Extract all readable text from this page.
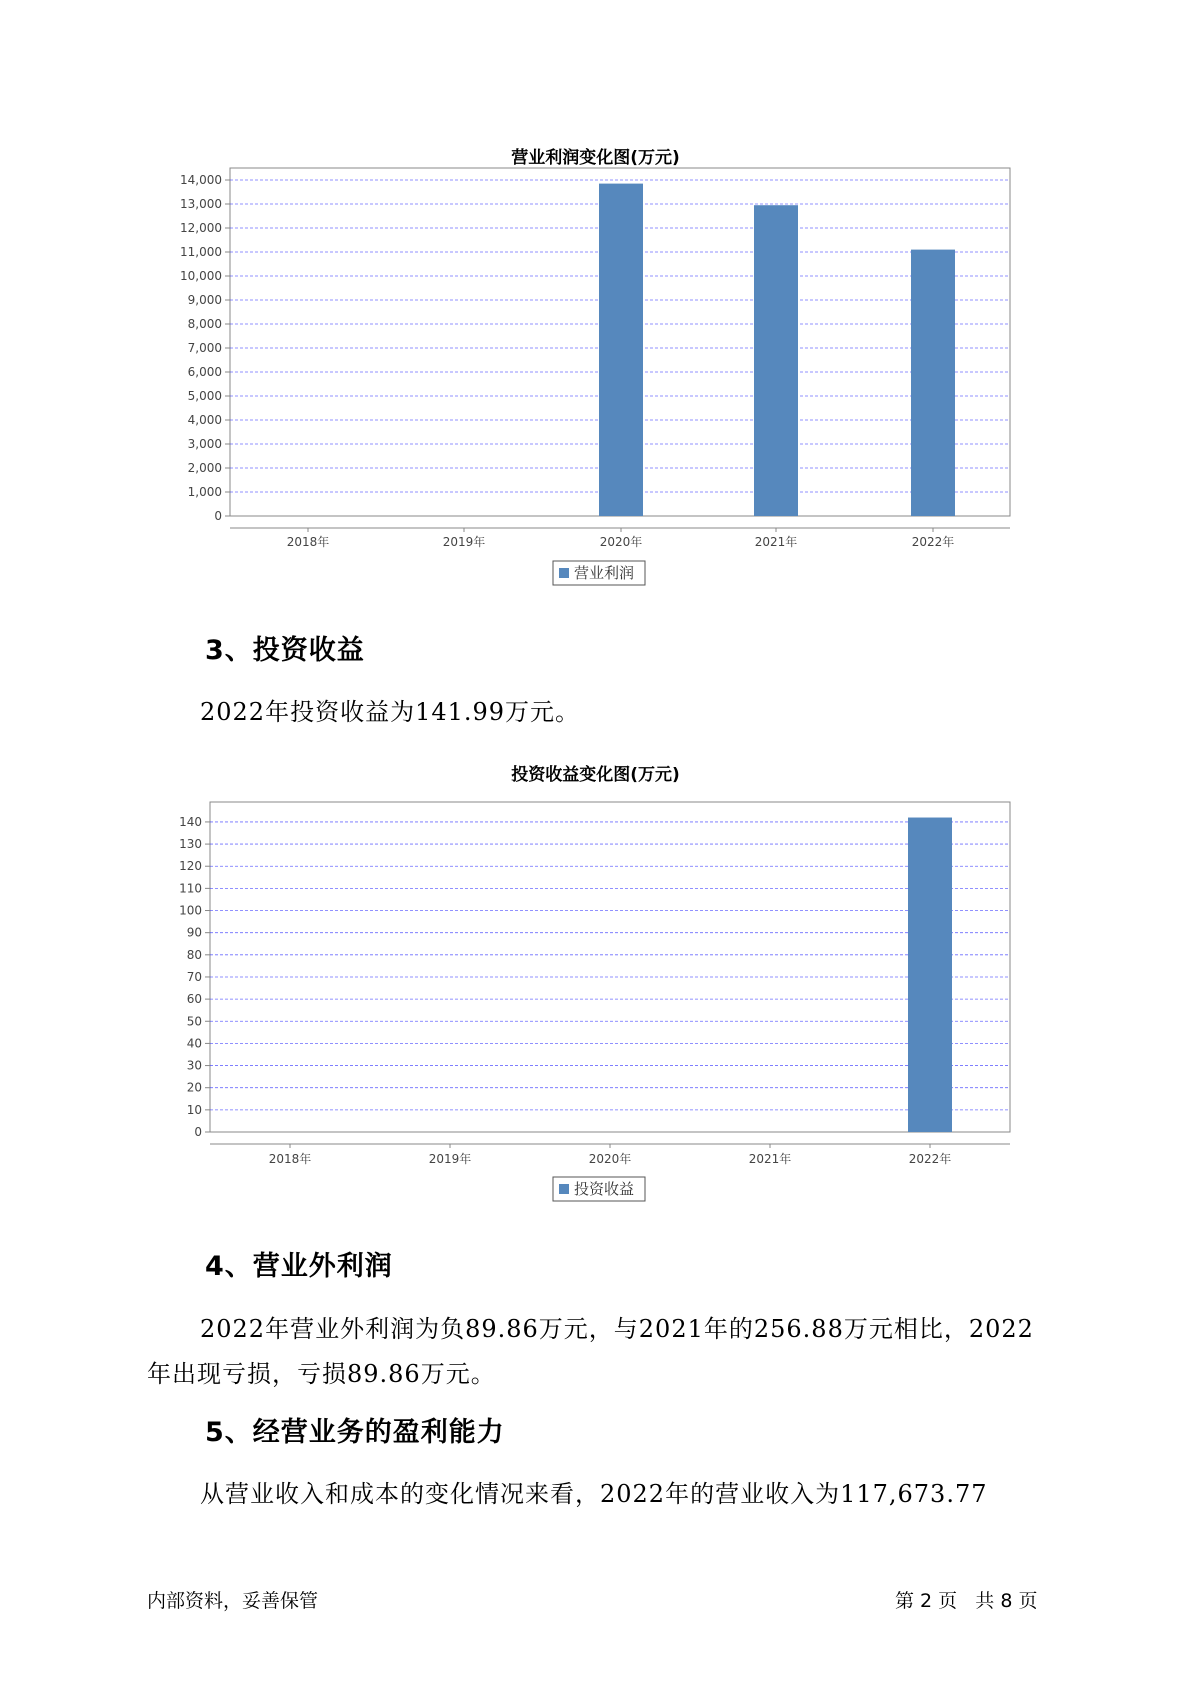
营业利润变化图(万元)
0
1,000
2,000
3,000
4,000
5,000
6,000
7,000
8,000
9,000
10,000
11,000
12,000
13,000
14,000
2018年	2019年	2020年	2021年	2022年
营业利润
3、投资收益
2022年投资收益为141.99万元。
投资收益变化图(万元)
0
10
20
30
40
50
60
70
80
90
100
110
120
130
140
2018年	2019年	2020年	2021年	2022年
投资收益
4、营业外利润
2022年营业外利润为负89.86万元，与2021年的256.88万元相比，2022
年出现亏损，亏损89.86万元。
5、经营业务的盈利能力
从营业收入和成本的变化情况来看，2022年的营业收入为117,673.77
内部资料，妥善保管	第 2 页   共 8 页
